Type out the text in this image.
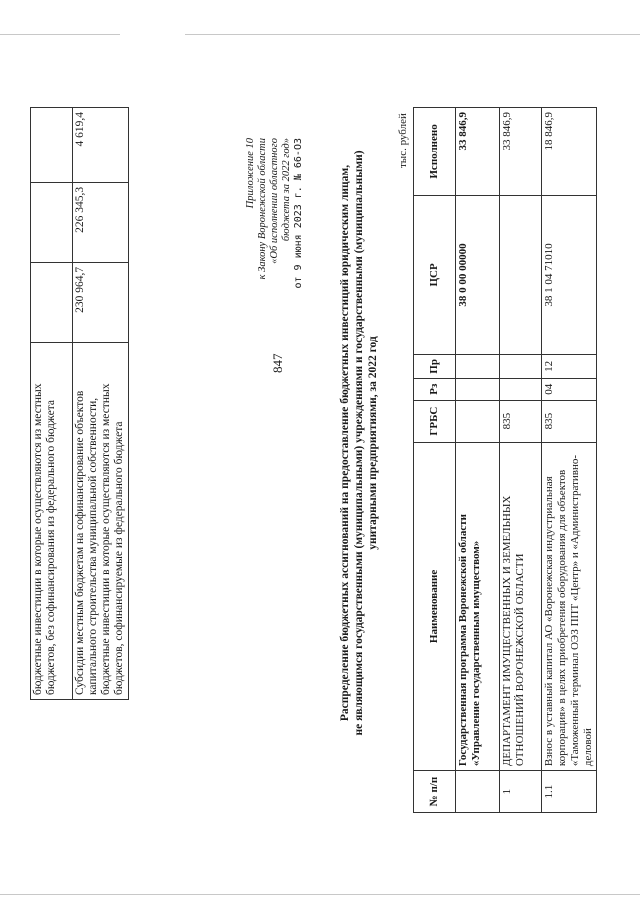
бюджетные инвестиции в которые осуществляются из местных бюджетов, без софинансирования из федерального бюджета			
Субсидии местным бюджетам на софинансирование объектов капитального строительства муниципальной собственности, бюджетные инвестиции в которые осуществляются из местных бюджетов, софинансируемые из федерального бюджета	230 964,7	226 345,3	4 619,4
847
Приложение 10 к Закону Воронежской области «Об исполнении областного бюджета за 2022 год» от 9 июня 2023 г. № 66-ОЗ	Распределение бюджетных ассигнований на предоставление бюджетных инвестиций юридическим лицам, не являющимся государственными (муниципальными) учреждениями и государственными (муниципальными) унитарными предприятиями, за 2022 год
тыс. рублей
№ п/п	Наименование	ГРБС	Рз	Пр	ЦСР	Исполнено
	Государственная программа Воронежской области «Управление государственным имуществом»				38 0 00 00000	33 846,9
1	ДЕПАРТАМЕНТ ИМУЩЕСТВЕННЫХ И ЗЕМЕЛЬНЫХ ОТНОШЕНИЙ ВОРОНЕЖСКОЙ ОБЛАСТИ	835				33 846,9
1.1	Взнос в уставный капитал АО «Воронежская индустриальная корпорация» в целях приобретения оборудования для объектов «Таможенный терминал ОЭЗ ППТ «Центр» и «Административно-деловой	835	04	12	38 1 04 71010	18 846,9
